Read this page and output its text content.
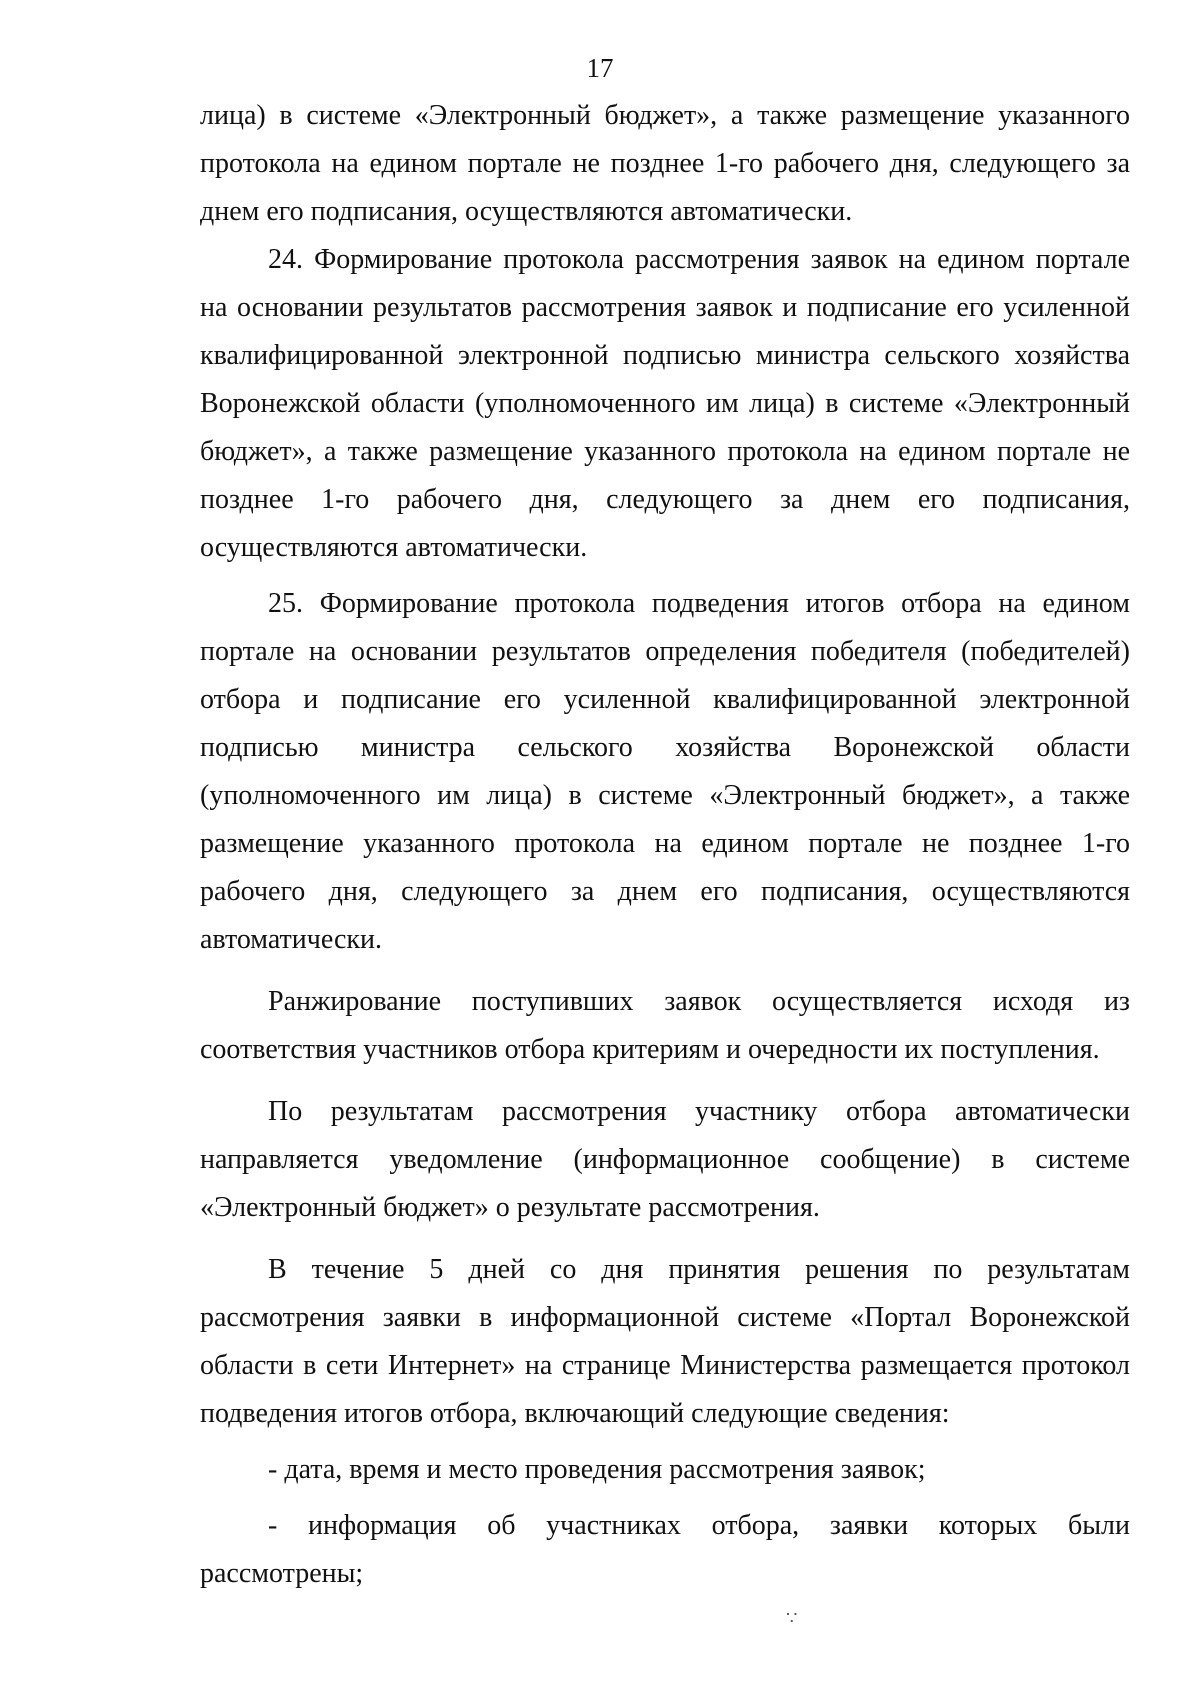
17

лица) в системе «Электронный бюджет», а также размещение указанного протокола на едином портале не позднее 1-го рабочего дня, следующего за днем его подписания, осуществляются автоматически.

24. Формирование протокола рассмотрения заявок на едином портале на основании результатов рассмотрения заявок и подписание его усиленной квалифицированной электронной подписью министра сельского хозяйства Воронежской области (уполномоченного им лица) в системе «Электронный бюджет», а также размещение указанного протокола на едином портале не позднее 1-го рабочего дня, следующего за днем его подписания, осуществляются автоматически.

25. Формирование протокола подведения итогов отбора на едином портале на основании результатов определения победителя (победителей) отбора и подписание его усиленной квалифицированной электронной подписью министра сельского хозяйства Воронежской области (уполномоченного им лица) в системе «Электронный бюджет», а также размещение указанного протокола на едином портале не позднее 1-го рабочего дня, следующего за днем его подписания, осуществляются автоматически.

Ранжирование поступивших заявок осуществляется исходя из соответствия участников отбора критериям и очередности их поступления.

По результатам рассмотрения участнику отбора автоматически направляется уведомление (информационное сообщение) в системе «Электронный бюджет» о результате рассмотрения.

В течение 5 дней со дня принятия решения по результатам рассмотрения заявки в информационной системе «Портал Воронежской области в сети Интернет» на странице Министерства размещается протокол подведения итогов отбора, включающий следующие сведения:

- дата, время и место проведения рассмотрения заявок;

- информация об участниках отбора, заявки которых были рассмотрены;

∵
